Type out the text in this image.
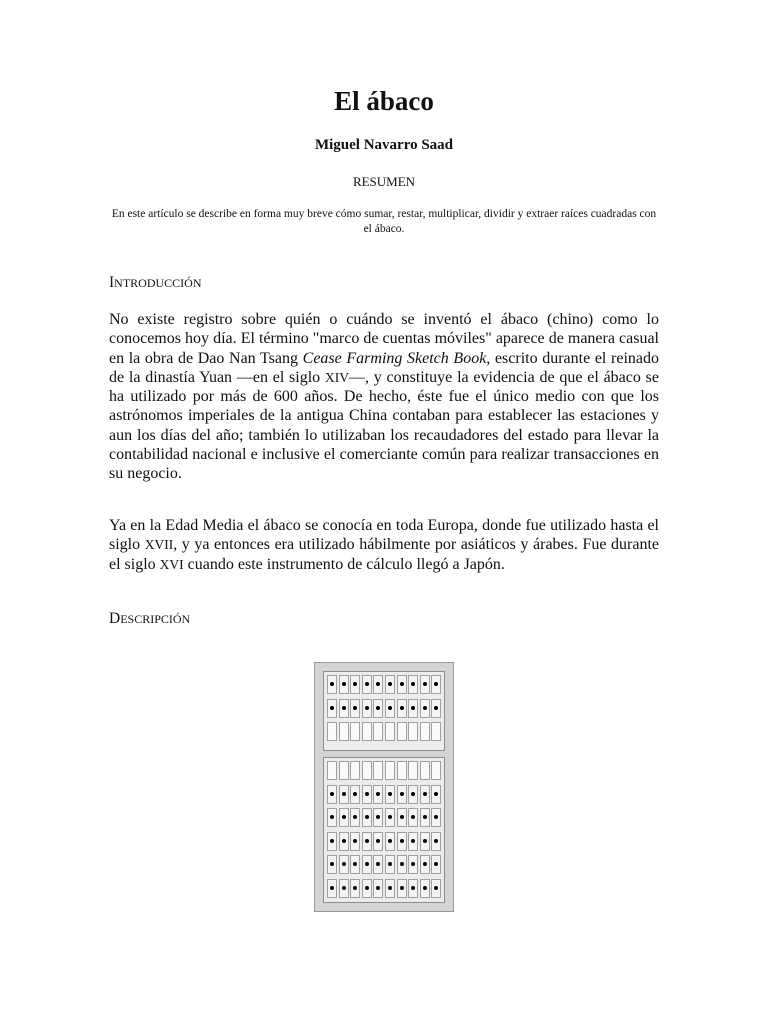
El ábaco
Miguel Navarro Saad
RESUMEN
En este artículo se describe en forma muy breve cómo sumar, restar, multiplicar, dividir y extraer raíces cuadradas con el ábaco.
INTRODUCCIÓN

No existe registro sobre quién o cuándo se inventó el ábaco (chino) como lo conocemos hoy día. El término "marco de cuentas móviles" aparece de manera casual en la obra de Dao Nan Tsang Cease Farming Sketch Book, escrito durante el reinado de la dinastía Yuan —en el siglo XIV—, y constituye la evidencia de que el ábaco se ha utilizado por más de 600 años. De hecho, éste fue el único medio con que los astrónomos imperiales de la antigua China contaban para establecer las estaciones y aun los días del año; también lo utilizaban los recaudadores del estado para llevar la contabilidad nacional e inclusive el comerciante común para realizar transacciones en su negocio.

Ya en la Edad Media el ábaco se conocía en toda Europa, donde fue utilizado hasta el siglo XVII, y ya entonces era utilizado hábilmente por asiáticos y árabes. Fue durante el siglo XVI cuando este instrumento de cálculo llegó a Japón.

DESCRIPCIÓN
